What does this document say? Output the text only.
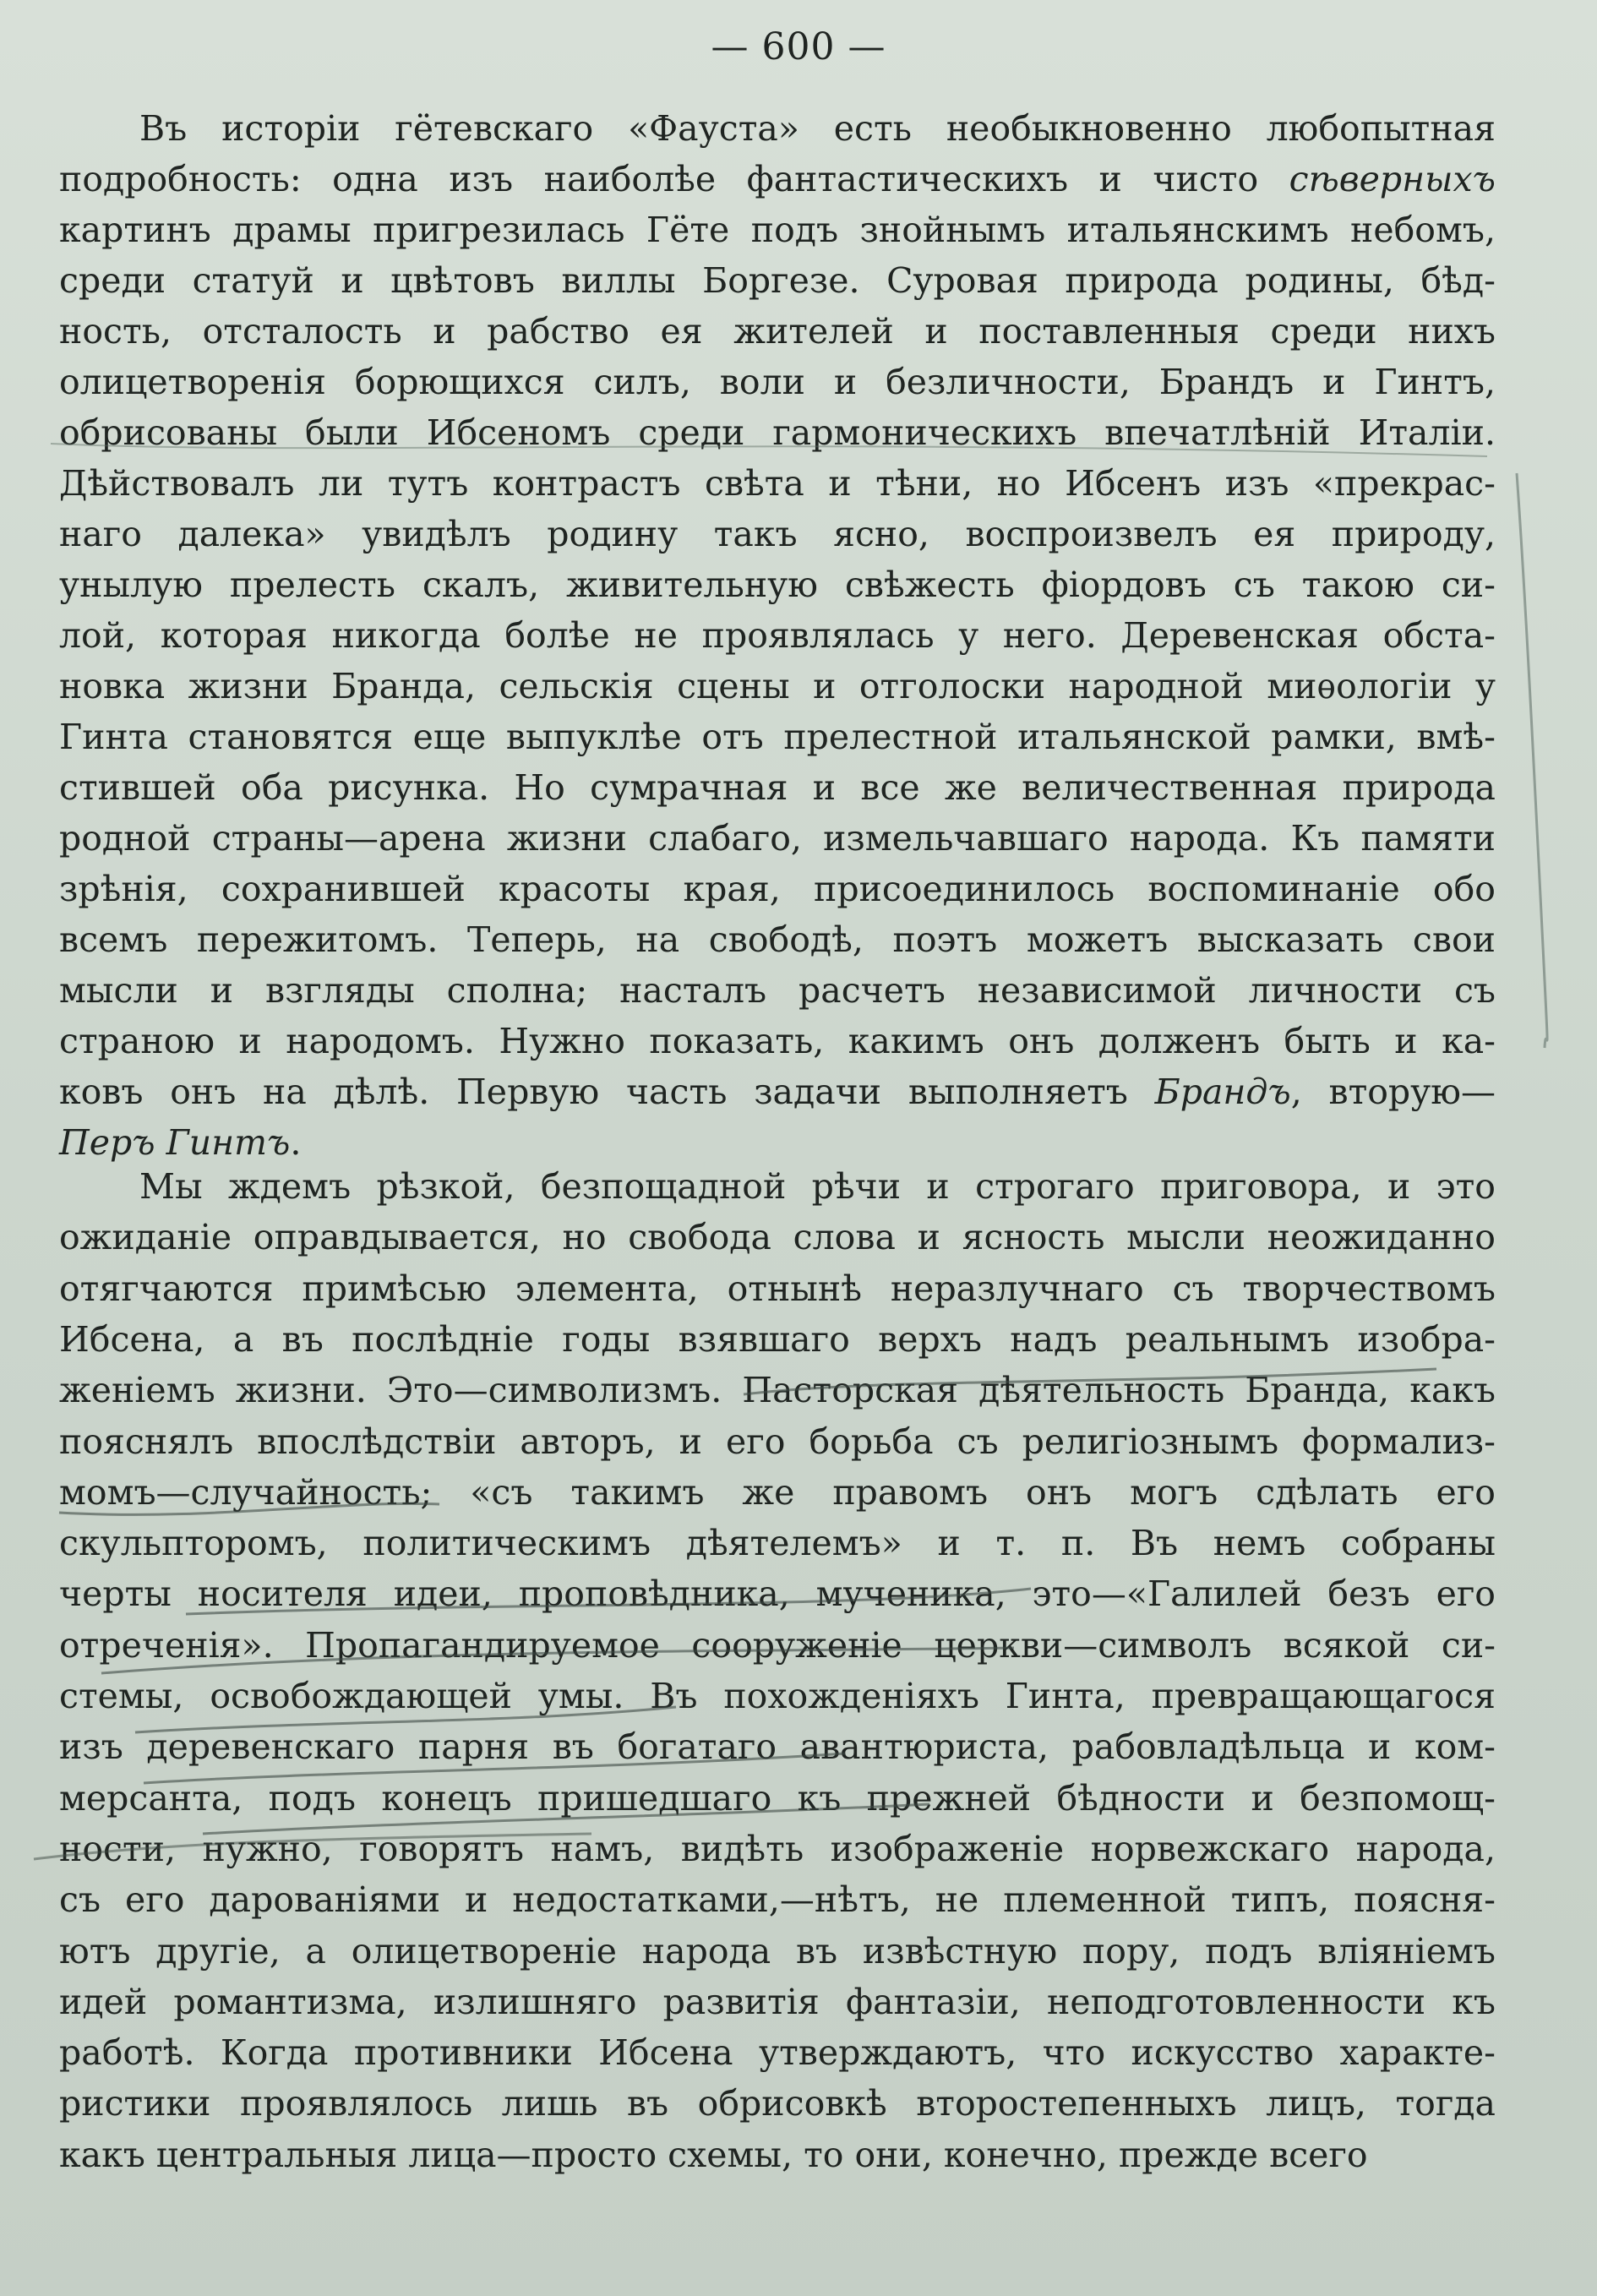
— 600 —
Въ исторіи гётевскаго «Фауста» есть необыкновенно любопытная
подробность: одна изъ наиболѣе фантастическихъ и чисто сѣверныхъ
картинъ драмы пригрезилась Гёте подъ знойнымъ итальянскимъ небомъ,
среди статуй и цвѣтовъ виллы Боргезе. Суровая природа родины, бѣд-
ность, отсталость и рабство ея жителей и поставленныя среди нихъ
олицетворенія борющихся силъ, воли и безличности, Брандъ и Гинтъ,
обрисованы были Ибсеномъ среди гармоническихъ впечатлѣній Италіи.
Дѣйствовалъ ли тутъ контрастъ свѣта и тѣни, но Ибсенъ изъ «прекрас-
наго далека» увидѣлъ родину такъ ясно, воспроизвелъ ея природу,
унылую прелесть скалъ, живительную свѣжесть фіордовъ съ такою си-
лой, которая никогда болѣе не проявлялась у него. Деревенская обста-
новка жизни Бранда, сельскія сцены и отголоски народной миѳологіи у
Гинта становятся еще выпуклѣе отъ прелестной итальянской рамки, вмѣ-
стившей оба рисунка. Но сумрачная и все же величественная природа
родной страны—арена жизни слабаго, измельчавшаго народа. Къ памяти
зрѣнія, сохранившей красоты края, присоединилось воспоминаніе обо
всемъ пережитомъ. Теперь, на свободѣ, поэтъ можетъ высказать свои
мысли и взгляды сполна; насталъ расчетъ независимой личности съ
страною и народомъ. Нужно показать, какимъ онъ долженъ быть и ка-
ковъ онъ на дѣлѣ. Первую часть задачи выполняетъ Брандъ, вторую—
Перъ Гинтъ.
Мы ждемъ рѣзкой, безпощадной рѣчи и строгаго приговора, и это
ожиданіе оправдывается, но свобода слова и ясность мысли неожиданно
отягчаются примѣсью элемента, отнынѣ неразлучнаго съ творчествомъ
Ибсена, а въ послѣдніе годы взявшаго верхъ надъ реальнымъ изобра-
женіемъ жизни. Это—символизмъ. Пасторская дѣятельность Бранда, какъ
пояснялъ впослѣдствіи авторъ, и его борьба съ религіознымъ формализ-
момъ—случайность; «съ такимъ же правомъ онъ могъ сдѣлать его
скульпторомъ, политическимъ дѣятелемъ» и т. п. Въ немъ собраны
черты носителя идеи, проповѣдника, мученика, это—«Галилей безъ его
отреченія». Пропагандируемое сооруженіе церкви—символъ всякой си-
стемы, освобождающей умы. Въ похожденіяхъ Гинта, превращающагося
изъ деревенскаго парня въ богатаго авантюриста, рабовладѣльца и ком-
мерсанта, подъ конецъ пришедшаго къ прежней бѣдности и безпомощ-
ности, нужно, говорятъ намъ, видѣть изображеніе норвежскаго народа,
съ его дарованіями и недостатками,—нѣтъ, не племенной типъ, поясня-
ютъ другіе, а олицетвореніе народа въ извѣстную пору, подъ вліяніемъ
идей романтизма, излишняго развитія фантазіи, неподготовленности къ
работѣ. Когда противники Ибсена утверждаютъ, что искусство характе-
ристики проявлялось лишь въ обрисовкѣ второстепенныхъ лицъ, тогда
какъ центральныя лица—просто схемы, то они, конечно, прежде всего
